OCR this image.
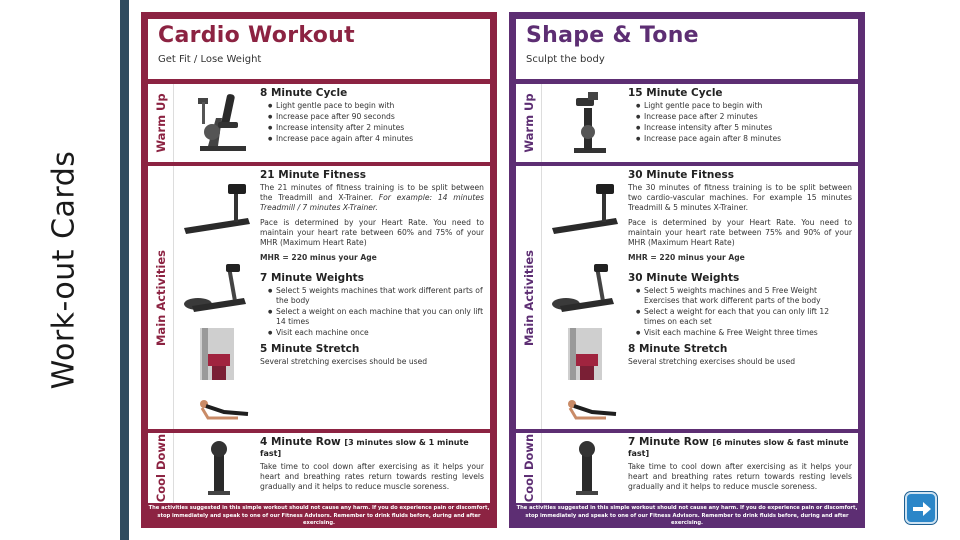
Work-out Cards
Cardio Workout
Get Fit / Lose Weight
Warm Up
8 Minute Cycle
● Light gentle pace to begin with
● Increase pace after 90 seconds
● Increase intensity after 2 minutes
● Increase pace again after 4 minutes
Main Activities
21 Minute Fitness
The 21 minutes of fitness training is to be split between the Treadmill and X-Trainer. For example: 14 minutes Treadmill / 7 minutes X-Trainer.
Pace is determined by your Heart Rate. You need to maintain your heart rate between 60% and 75% of your MHR (Maximum Heart Rate)
MHR = 220 minus your Age
7 Minute Weights
● Select 5 weights machines that work different parts of the body
● Select a weight on each machine that you can only lift 14 times
● Visit each machine once
5 Minute Stretch
Several stretching exercises should be used
Cool Down	4 Minute Row [3 minutes slow & 1 minute fast]
Take time to cool down after exercising as it helps your heart and breathing rates return towards resting levels gradually and it helps to reduce muscle soreness.
The activities suggested in this simple workout should not cause any harm. If you do experience pain or discomfort, stop immediately and speak to one of our Fitness Advisors. Remember to drink fluids before, during and after exercising.
Shape & Tone
Sculpt the body
Warm Up
15 Minute Cycle
● Light gentle pace to begin with
● Increase pace after 2 minutes
● Increase intensity after 5 minutes
● Increase pace again after 8 minutes
Main Activities
30 Minute Fitness
The 30 minutes of fitness training is to be split between two cardio-vascular machines. For example 15 minutes Treadmill & 5 minutes X-Trainer.
Pace is determined by your Heart Rate. You need to maintain your heart rate between 75% and 90% of your MHR (Maximum Heart Rate)
MHR = 220 minus your Age
30 Minute Weights
● Select 5 weights machines and 5 Free Weight Exercises that work different parts of the body
● Select a weight for each that you can only lift 12 times on each set
● Visit each machine & Free Weight three times
8 Minute Stretch
Several stretching exercises should be used
Cool Down	7 Minute Row [6 minutes slow & fast minute fast]
Take time to cool down after exercising as it helps your heart and breathing rates return towards resting levels gradually and it helps to reduce muscle soreness.
The activities suggested in this simple workout should not cause any harm. If you do experience pain or discomfort, stop immediately and speak to one of our Fitness Advisors. Remember to drink fluids before, during and after exercising.
